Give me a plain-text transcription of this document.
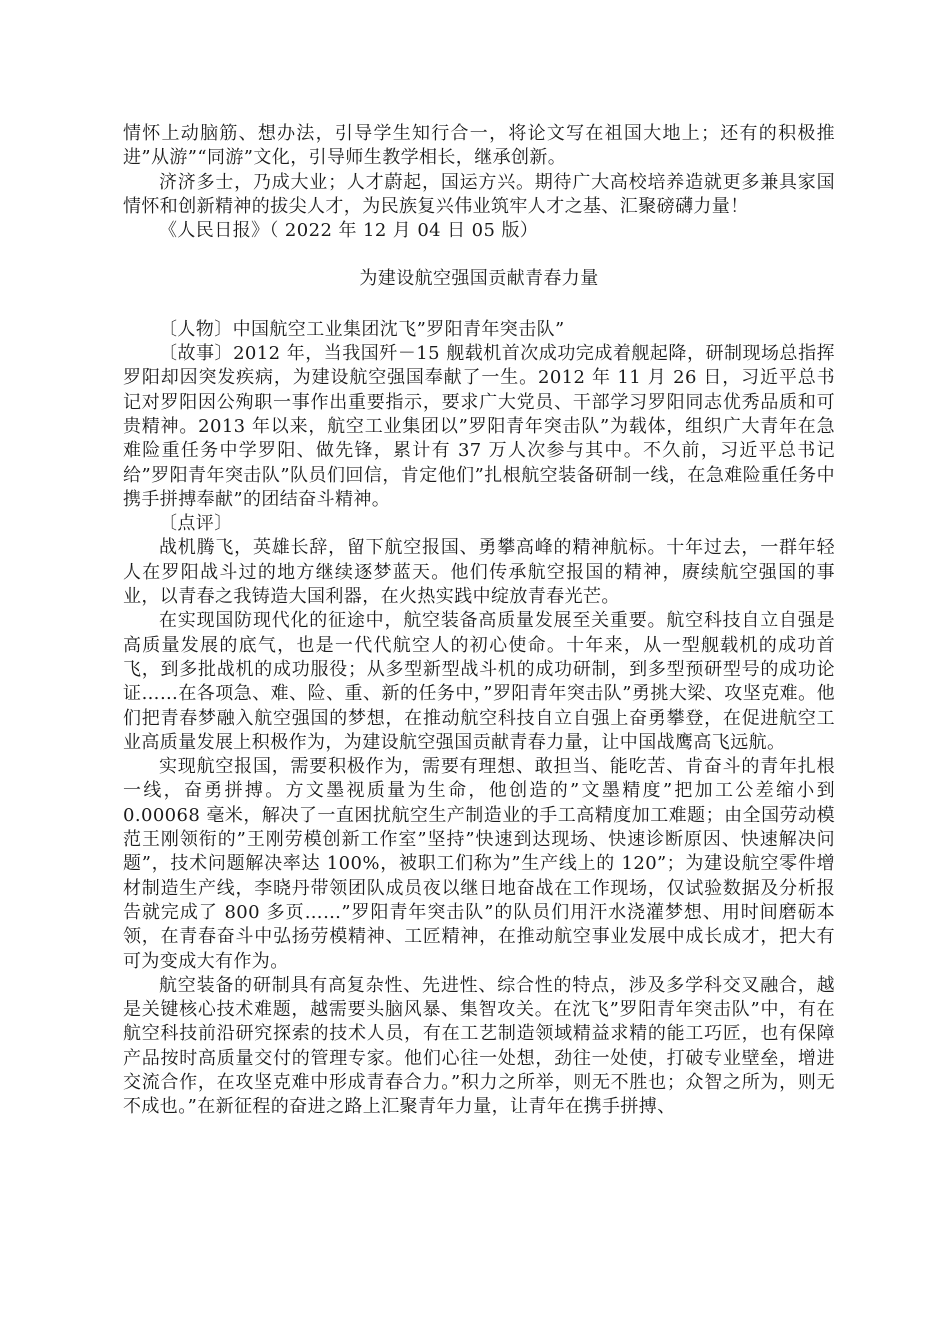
情怀上动脑筋、想办法，引导学生知行合一，将论文写在祖国大地上；还有的积极推进”从游”“同游”文化，引导师生教学相长，继承创新。

济济多士，乃成大业；人才蔚起，国运方兴。期待广大高校培养造就更多兼具家国情怀和创新精神的拔尖人才，为民族复兴伟业筑牢人才之基、汇聚磅礴力量！

《人民日报》（ 2022 年 12 月 04 日 05 版）

为建设航空强国贡献青春力量

〔人物〕中国航空工业集团沈飞”罗阳青年突击队”

〔故事〕2012 年，当我国歼－15 舰载机首次成功完成着舰起降，研制现场总指挥罗阳却因突发疾病，为建设航空强国奉献了一生。2012 年 11 月 26 日，习近平总书记对罗阳因公殉职一事作出重要指示，要求广大党员、干部学习罗阳同志优秀品质和可贵精神。2013 年以来，航空工业集团以”罗阳青年突击队”为载体，组织广大青年在急难险重任务中学罗阳、做先锋，累计有 37 万人次参与其中。不久前，习近平总书记给”罗阳青年突击队”队员们回信，肯定他们”扎根航空装备研制一线，在急难险重任务中携手拼搏奉献”的团结奋斗精神。

〔点评〕

战机腾飞，英雄长辞，留下航空报国、勇攀高峰的精神航标。十年过去，一群年轻人在罗阳战斗过的地方继续逐梦蓝天。他们传承航空报国的精神，赓续航空强国的事业，以青春之我铸造大国利器，在火热实践中绽放青春光芒。

在实现国防现代化的征途中，航空装备高质量发展至关重要。航空科技自立自强是高质量发展的底气，也是一代代航空人的初心使命。十年来，从一型舰载机的成功首飞，到多批战机的成功服役；从多型新型战斗机的成功研制，到多型预研型号的成功论证……在各项急、难、险、重、新的任务中，”罗阳青年突击队”勇挑大梁、攻坚克难。他们把青春梦融入航空强国的梦想，在推动航空科技自立自强上奋勇攀登，在促进航空工业高质量发展上积极作为，为建设航空强国贡献青春力量，让中国战鹰高飞远航。

实现航空报国，需要积极作为，需要有理想、敢担当、能吃苦、肯奋斗的青年扎根一线，奋勇拼搏。方文墨视质量为生命，他创造的”文墨精度”把加工公差缩小到 0.00068 毫米，解决了一直困扰航空生产制造业的手工高精度加工难题；由全国劳动模范王刚领衔的”王刚劳模创新工作室”坚持”快速到达现场、快速诊断原因、快速解决问题”，技术问题解决率达 100%，被职工们称为”生产线上的 120”；为建设航空零件增材制造生产线，李晓丹带领团队成员夜以继日地奋战在工作现场，仅试验数据及分析报告就完成了 800 多页……”罗阳青年突击队”的队员们用汗水浇灌梦想、用时间磨砺本领，在青春奋斗中弘扬劳模精神、工匠精神，在推动航空事业发展中成长成才，把大有可为变成大有作为。

航空装备的研制具有高复杂性、先进性、综合性的特点，涉及多学科交叉融合，越是关键核心技术难题，越需要头脑风暴、集智攻关。在沈飞”罗阳青年突击队”中，有在航空科技前沿研究探索的技术人员，有在工艺制造领域精益求精的能工巧匠，也有保障产品按时高质量交付的管理专家。他们心往一处想，劲往一处使，打破专业壁垒，增进交流合作，在攻坚克难中形成青春合力。”积力之所举，则无不胜也；众智之所为，则无不成也。”在新征程的奋进之路上汇聚青年力量，让青年在携手拼搏、
